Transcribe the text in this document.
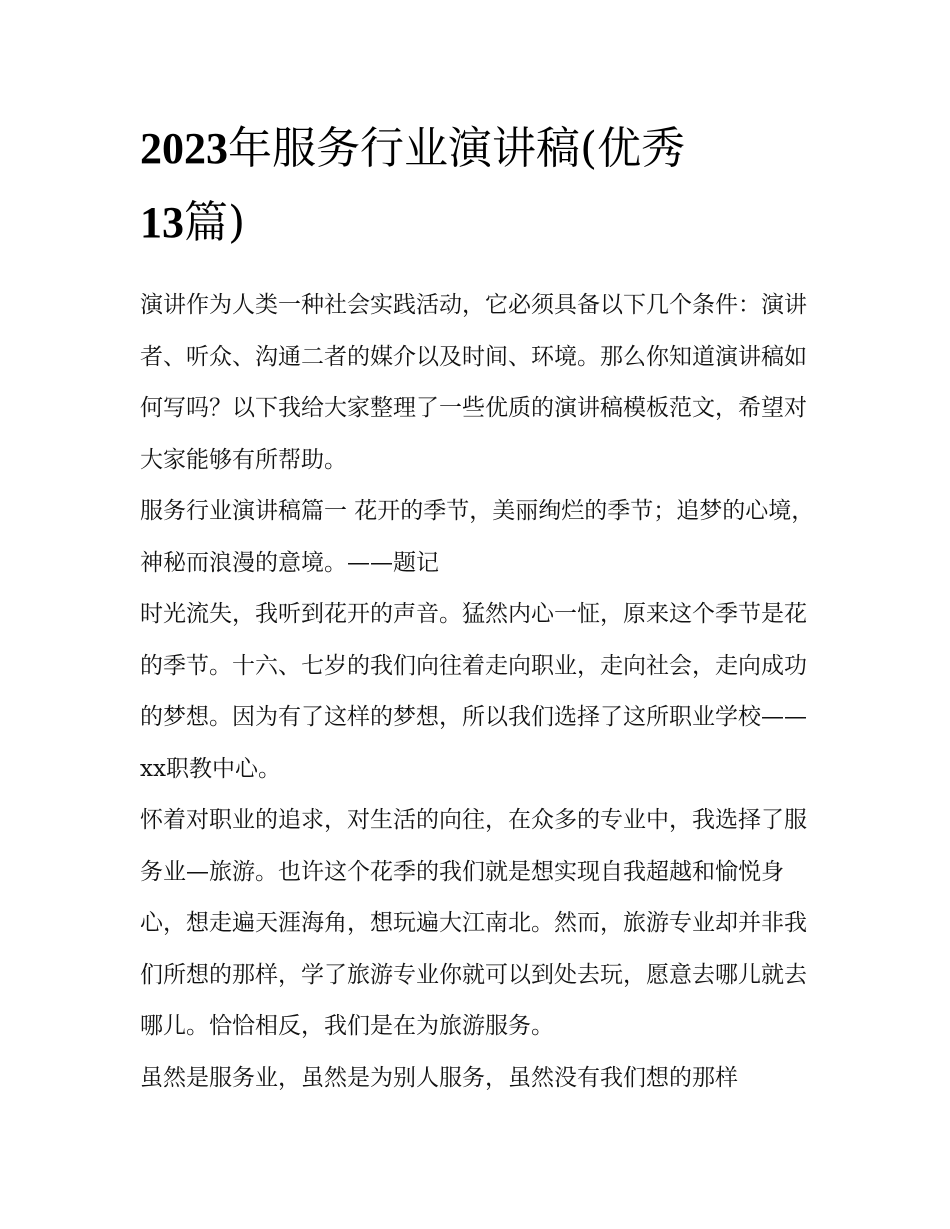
2023年服务行业演讲稿(优秀
13篇)

演讲作为人类一种社会实践活动，它必须具备以下几个条件：演讲者、听众、沟通二者的媒介以及时间、环境。那么你知道演讲稿如何写吗？以下我给大家整理了一些优质的演讲稿模板范文，希望对大家能够有所帮助。

服务行业演讲稿篇一 花开的季节，美丽绚烂的季节；追梦的心境，神秘而浪漫的意境。——题记

时光流失，我听到花开的声音。猛然内心一怔，原来这个季节是花的季节。十六、七岁的我们向往着走向职业，走向社会，走向成功的梦想。因为有了这样的梦想，所以我们选择了这所职业学校——xx职教中心。

怀着对职业的追求，对生活的向往，在众多的专业中，我选择了服务业—旅游。也许这个花季的我们就是想实现自我超越和愉悦身心，想走遍天涯海角，想玩遍大江南北。然而，旅游专业却并非我们所想的那样，学了旅游专业你就可以到处去玩，愿意去哪儿就去哪儿。恰恰相反，我们是在为旅游服务。

虽然是服务业，虽然是为别人服务，虽然没有我们想的那样
